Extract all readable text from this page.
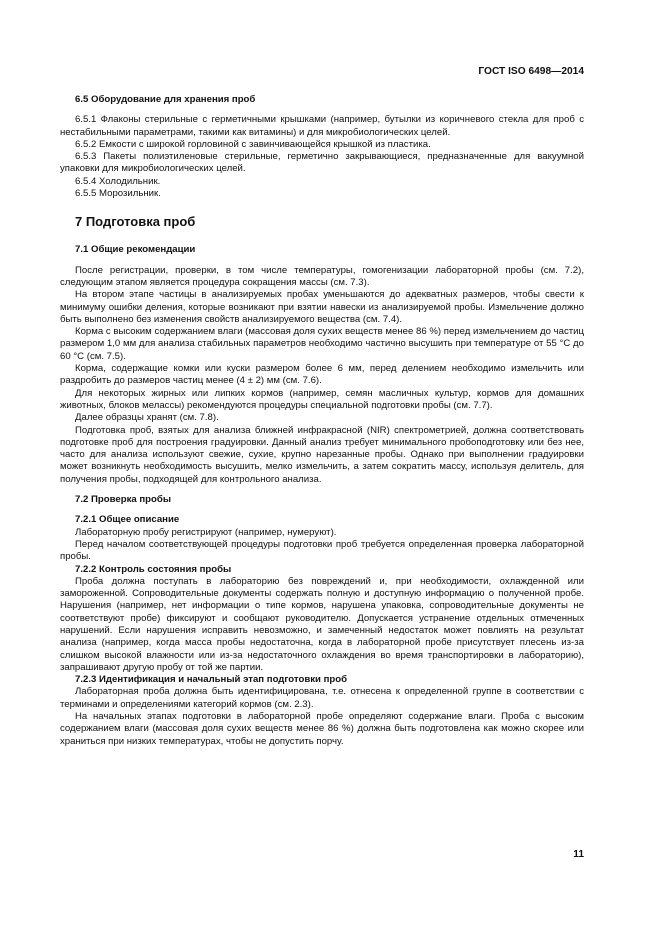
ГОСТ ISO 6498—2014

6.5 Оборудование для хранения проб

6.5.1 Флаконы стерильные с герметичными крышками (например, бутылки из коричневого стекла для проб с нестабильными параметрами, такими как витамины) и для микробиологических целей.

6.5.2 Емкости с широкой горловиной с завинчивающейся крышкой из пластика.

6.5.3 Пакеты полиэтиленовые стерильные, герметично закрывающиеся, предназначенные для вакуумной упаковки для микробиологических целей.

6.5.4 Холодильник.

6.5.5 Морозильник.

7 Подготовка проб

7.1 Общие рекомендации

После регистрации, проверки, в том числе температуры, гомогенизации лабораторной пробы (см. 7.2), следующим этапом является процедура сокращения массы (см. 7.3).

На втором этапе частицы в анализируемых пробах уменьшаются до адекватных размеров, чтобы свести к минимуму ошибки деления, которые возникают при взятии навески из анализируемой пробы. Измельчение должно быть выполнено без изменения свойств анализируемого вещества (см. 7.4).

Корма с высоким содержанием влаги (массовая доля сухих веществ менее 86 %) перед измельчением до частиц размером 1,0 мм для анализа стабильных параметров необходимо частично высушить при температуре от 55 °C до 60 °C (см. 7.5).

Корма, содержащие комки или куски размером более 6 мм, перед делением необходимо измельчить или раздробить до размеров частиц менее (4 ± 2) мм (см. 7.6).

Для некоторых жирных или липких кормов (например, семян масличных культур, кормов для домашних животных, блоков мелассы) рекомендуются процедуры специальной подготовки пробы (см. 7.7).

Далее образцы хранят (см. 7.8).

Подготовка проб, взятых для анализа ближней инфракрасной (NIR) спектрометрией, должна соответствовать подготовке проб для построения градуировки. Данный анализ требует минимального пробоподготовку или без нее, часто для анализа используют свежие, сухие, крупно нарезанные пробы. Однако при выполнении градуировки может возникнуть необходимость высушить, мелко измельчить, а затем сократить массу, используя делитель, для получения пробы, подходящей для контрольного анализа.

7.2 Проверка пробы

7.2.1 Общее описание

Лабораторную пробу регистрируют (например, нумеруют).

Перед началом соответствующей процедуры подготовки проб требуется определенная проверка лабораторной пробы.

7.2.2 Контроль состояния пробы

Проба должна поступать в лабораторию без повреждений и, при необходимости, охлажденной или замороженной. Сопроводительные документы содержать полную и доступную информацию о полученной пробе. Нарушения (например, нет информации о типе кормов, нарушена упаковка, сопроводительные документы не соответствуют пробе) фиксируют и сообщают руководителю. Допускается устранение отдельных отмеченных нарушений. Если нарушения исправить невозможно, и замеченный недостаток может повлиять на результат анализа (например, когда масса пробы недостаточна, когда в лабораторной пробе присутствует плесень из-за слишком высокой влажности или из-за недостаточного охлаждения во время транспортировки в лабораторию), запрашивают другую пробу от той же партии.

7.2.3 Идентификация и начальный этап подготовки проб

Лабораторная проба должна быть идентифицирована, т.е. отнесена к определенной группе в соответствии с терминами и определениями категорий кормов (см. 2.3).

На начальных этапах подготовки в лабораторной пробе определяют содержание влаги. Проба с высоким содержанием влаги (массовая доля сухих веществ менее 86 %) должна быть подготовлена как можно скорее или храниться при низких температурах, чтобы не допустить порчу.

11
